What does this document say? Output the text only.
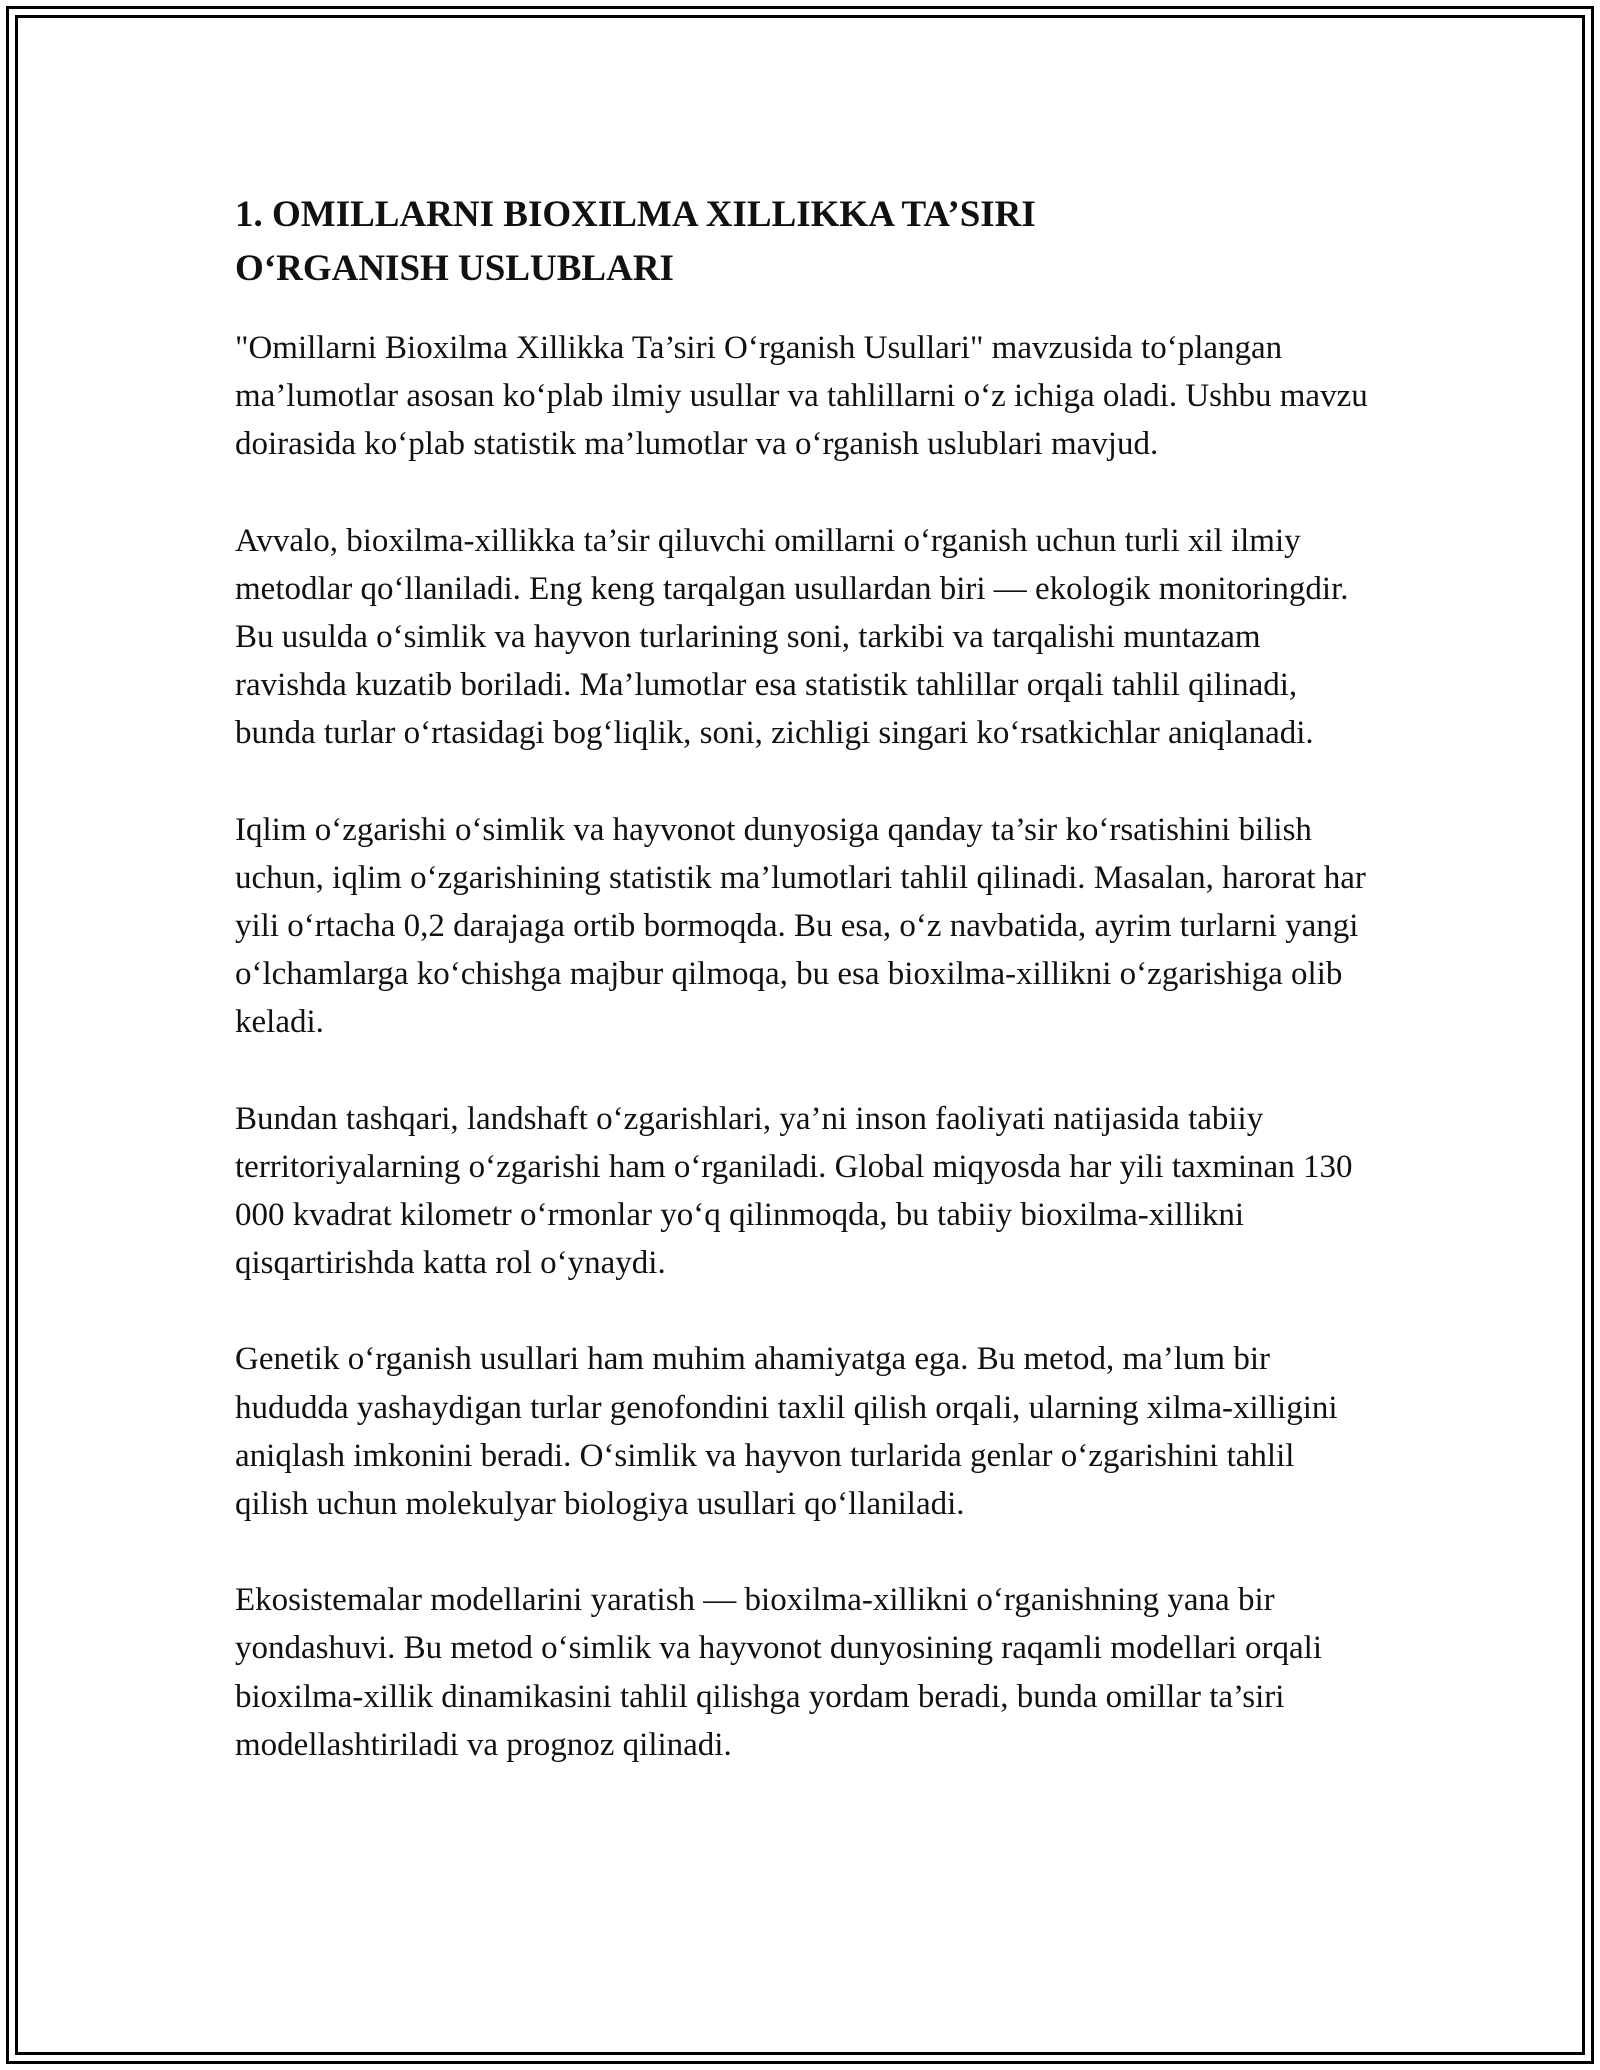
1. OMILLARNI BIOXILMA XILLIKKA TA’SIRI
O‘RGANISH USLUBLARI

"Omillarni Bioxilma Xillikka Ta’siri O‘rganish Usullari" mavzusida to‘plangan ma’lumotlar asosan ko‘plab ilmiy usullar va tahlillarni o‘z ichiga oladi. Ushbu mavzu doirasida ko‘plab statistik ma’lumotlar va o‘rganish uslublari mavjud.

Avvalo, bioxilma-xillikka ta’sir qiluvchi omillarni o‘rganish uchun turli xil ilmiy metodlar qo‘llaniladi. Eng keng tarqalgan usullardan biri — ekologik monitoringdir. Bu usulda o‘simlik va hayvon turlarining soni, tarkibi va tarqalishi muntazam ravishda kuzatib boriladi. Ma’lumotlar esa statistik tahlillar orqali tahlil qilinadi, bunda turlar o‘rtasidagi bog‘liqlik, soni, zichligi singari ko‘rsatkichlar aniqlanadi.

Iqlim o‘zgarishi o‘simlik va hayvonot dunyosiga qanday ta’sir ko‘rsatishini bilish uchun, iqlim o‘zgarishining statistik ma’lumotlari tahlil qilinadi. Masalan, harorat har yili o‘rtacha 0,2 darajaga ortib bormoqda. Bu esa, o‘z navbatida, ayrim turlarni yangi o‘lchamlarga ko‘chishga majbur qilmoqa, bu esa bioxilma-xillikni o‘zgarishiga olib keladi.

Bundan tashqari, landshaft o‘zgarishlari, ya’ni inson faoliyati natijasida tabiiy territoriyalarning o‘zgarishi ham o‘rganiladi. Global miqyosda har yili taxminan 130 000 kvadrat kilometr o‘rmonlar yo‘q qilinmoqda, bu tabiiy bioxilma-xillikni qisqartirishda katta rol o‘ynaydi.

Genetik o‘rganish usullari ham muhim ahamiyatga ega. Bu metod, ma’lum bir hududda yashaydigan turlar genofondini taxlil qilish orqali, ularning xilma-xilligini aniqlash imkonini beradi. O‘simlik va hayvon turlarida genlar o‘zgarishini tahlil qilish uchun molekulyar biologiya usullari qo‘llaniladi.

Ekosistemalar modellarini yaratish — bioxilma-xillikni o‘rganishning yana bir yondashuvi. Bu metod o‘simlik va hayvonot dunyosining raqamli modellari orqali bioxilma-xillik dinamikasini tahlil qilishga yordam beradi, bunda omillar ta’siri modellashtiriladi va prognoz qilinadi.
